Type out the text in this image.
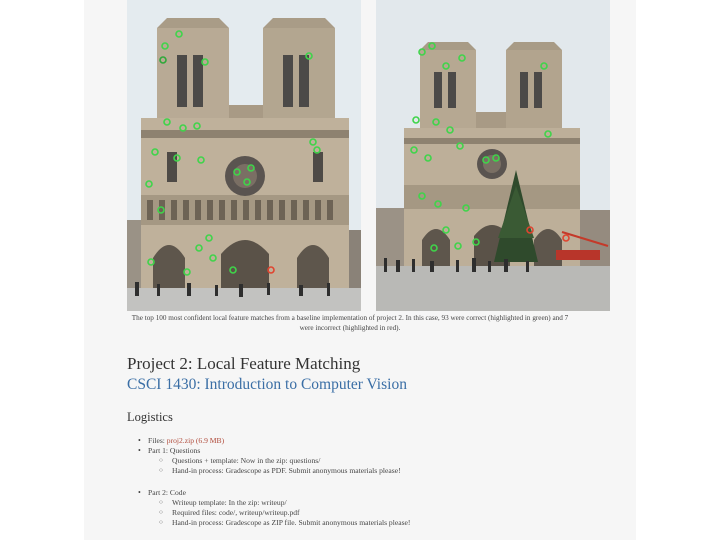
The top 100 most confident local feature matches from a baseline implementation of project 2. In this case, 93 were correct (highlighted in green) and 7 were incorrect (highlighted in red).
Project 2: Local Feature Matching
CSCI 1430: Introduction to Computer Vision
Logistics
• Files: proj2.zip (6.9 MB)
• Part 1: Questions
○ Questions + template: Now in the zip: questions/
○ Hand-in process: Gradescope as PDF. Submit anonymous materials please!
• Part 2: Code
○ Writeup template: In the zip: writeup/
○ Required files: code/, writeup/writeup.pdf
○ Hand-in process: Gradescope as ZIP file. Submit anonymous materials please!
